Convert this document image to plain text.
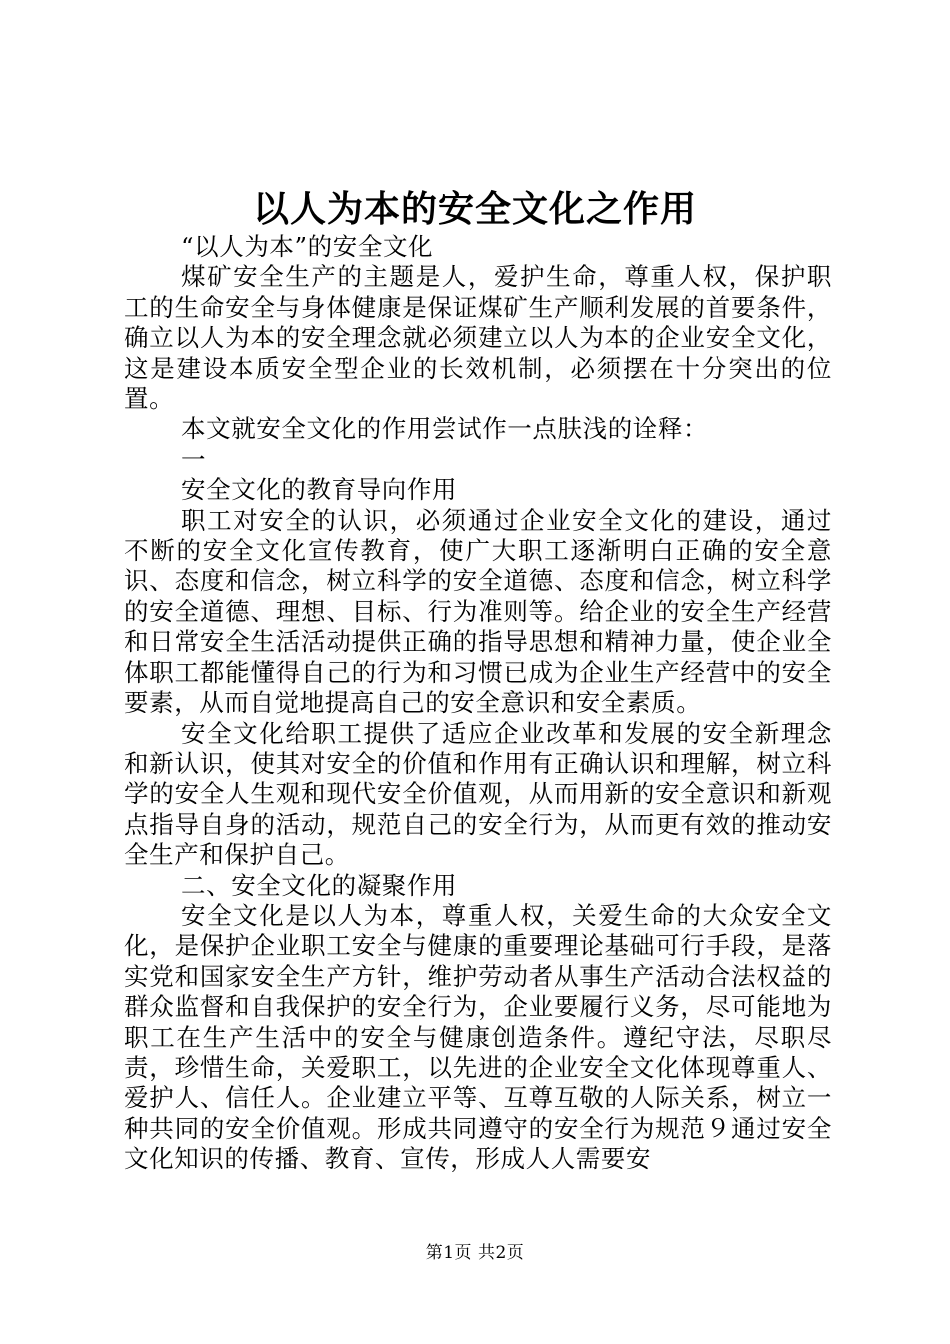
以人为本的安全文化之作用

“以人为本”的安全文化

煤矿安全生产的主题是人，爱护生命，尊重人权，保护职工的生命安全与身体健康是保证煤矿生产顺利发展的首要条件，确立以人为本的安全理念就必须建立以人为本的企业安全文化，这是建设本质安全型企业的长效机制，必须摆在十分突出的位置。

本文就安全文化的作用尝试作一点肤浅的诠释：

一

安全文化的教育导向作用

职工对安全的认识，必须通过企业安全文化的建设，通过不断的安全文化宣传教育，使广大职工逐渐明白正确的安全意识、态度和信念，树立科学的安全道德、态度和信念，树立科学的安全道德、理想、目标、行为准则等。给企业的安全生产经营和日常安全生活活动提供正确的指导思想和精神力量，使企业全体职工都能懂得自己的行为和习惯已成为企业生产经营中的安全要素，从而自觉地提高自己的安全意识和安全素质。

安全文化给职工提供了适应企业改革和发展的安全新理念和新认识，使其对安全的价值和作用有正确认识和理解，树立科学的安全人生观和现代安全价值观，从而用新的安全意识和新观点指导自身的活动，规范自己的安全行为，从而更有效的推动安全生产和保护自己。

二、安全文化的凝聚作用

安全文化是以人为本，尊重人权，关爱生命的大众安全文化，是保护企业职工安全与健康的重要理论基础可行手段，是落实党和国家安全生产方针，维护劳动者从事生产活动合法权益的群众监督和自我保护的安全行为，企业要履行义务，尽可能地为职工在生产生活中的安全与健康创造条件。遵纪守法，尽职尽责，珍惜生命，关爱职工，以先进的企业安全文化体现尊重人、爱护人、信任人。企业建立平等、互尊互敬的人际关系，树立一种共同的安全价值观。形成共同遵守的安全行为规范９通过安全文化知识的传播、教育、宣传，形成人人需要安

第1页 共2页
